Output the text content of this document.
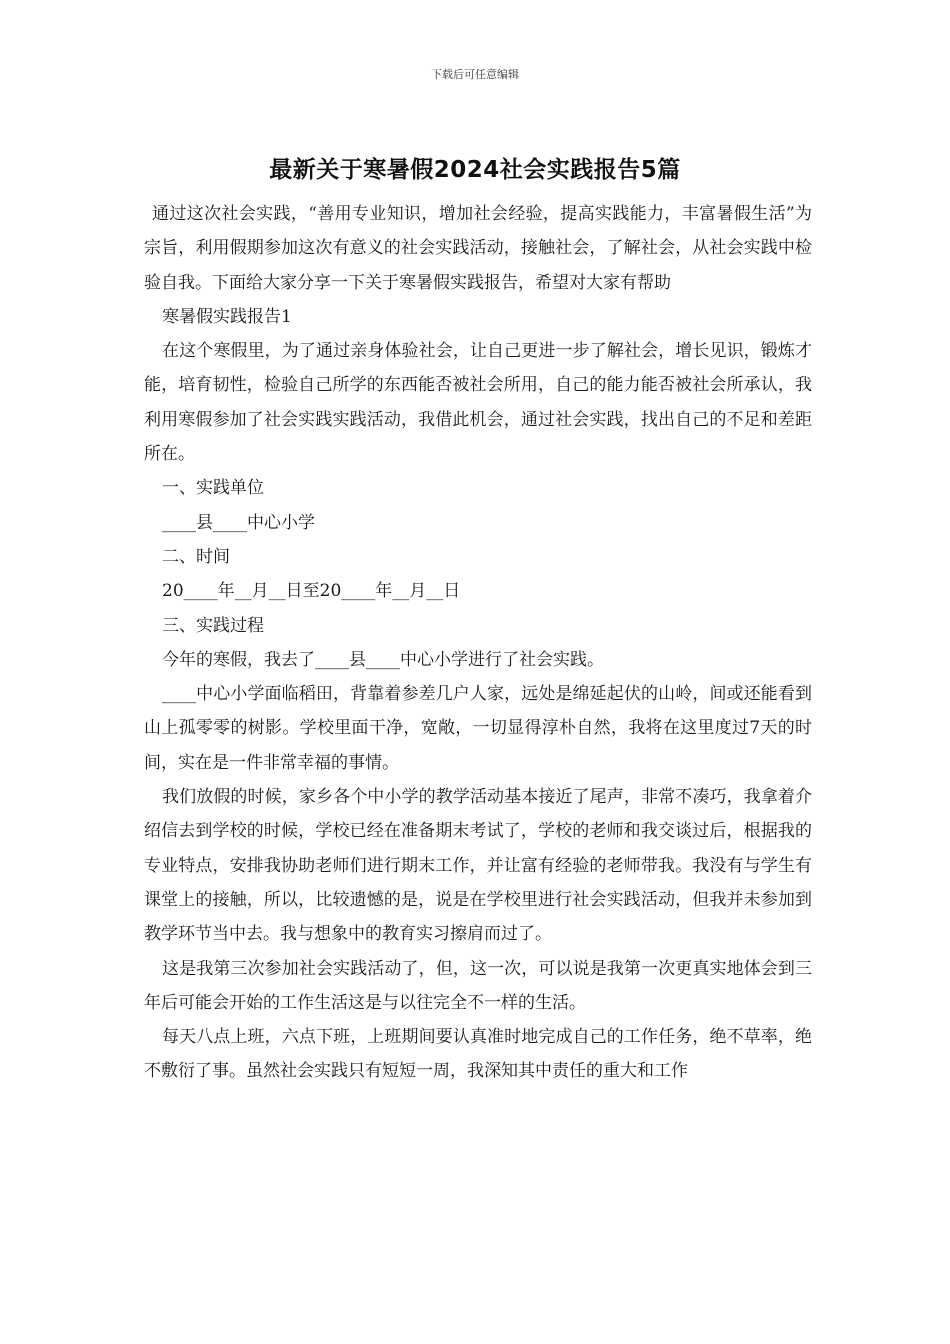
下载后可任意编辑
最新关于寒暑假2024社会实践报告5篇

通过这次社会实践，“善用专业知识，增加社会经验，提高实践能力，丰富暑假生活”为宗旨，利用假期参加这次有意义的社会实践活动，接触社会，了解社会，从社会实践中检验自我。下面给大家分享一下关于寒暑假实践报告，希望对大家有帮助

寒暑假实践报告1

在这个寒假里，为了通过亲身体验社会，让自己更进一步了解社会，增长见识，锻炼才能，培育韧性，检验自己所学的东西能否被社会所用，自己的能力能否被社会所承认，我利用寒假参加了社会实践实践活动，我借此机会，通过社会实践，找出自己的不足和差距所在。

一、实践单位

____县____中心小学

二、时间

20____年__月__日至20____年__月__日

三、实践过程

今年的寒假，我去了____县____中心小学进行了社会实践。

____中心小学面临稻田，背靠着参差几户人家，远处是绵延起伏的山岭，间或还能看到山上孤零零的树影。学校里面干净，宽敞，一切显得淳朴自然，我将在这里度过7天的时间，实在是一件非常幸福的事情。

我们放假的时候，家乡各个中小学的教学活动基本接近了尾声，非常不凑巧，我拿着介绍信去到学校的时候，学校已经在准备期末考试了，学校的老师和我交谈过后，根据我的专业特点，安排我协助老师们进行期末工作，并让富有经验的老师带我。我没有与学生有课堂上的接触，所以，比较遗憾的是，说是在学校里进行社会实践活动，但我并未参加到教学环节当中去。我与想象中的教育实习擦肩而过了。

这是我第三次参加社会实践活动了，但，这一次，可以说是我第一次更真实地体会到三年后可能会开始的工作生活这是与以往完全不一样的生活。

每天八点上班，六点下班，上班期间要认真准时地完成自己的工作任务，绝不草率，绝不敷衍了事。虽然社会实践只有短短一周，我深知其中责任的重大和工作
